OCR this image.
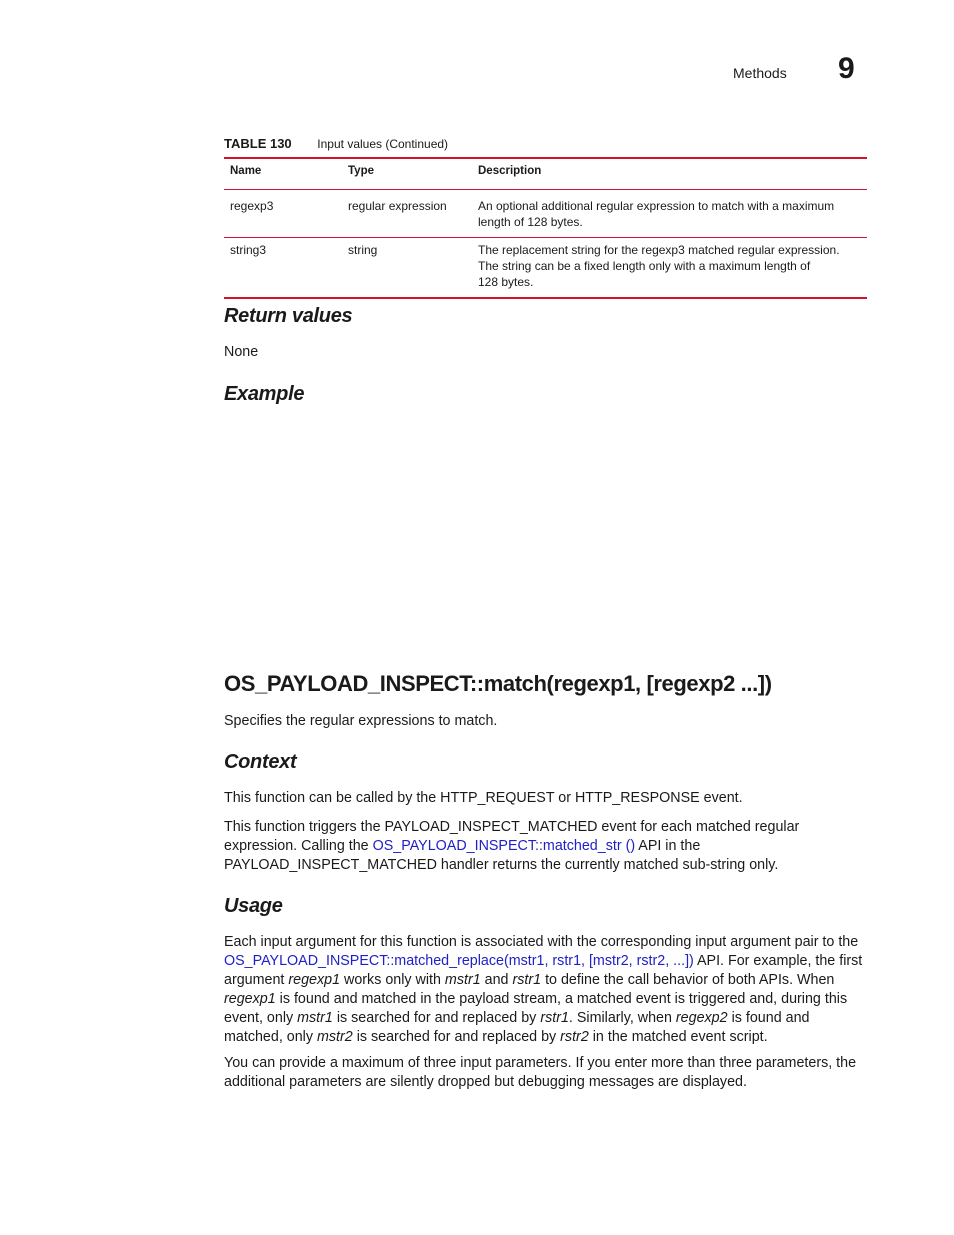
Methods 9
TABLE 130 Input values (Continued)
Name	Type	Description
regexp3	regular expression	An optional additional regular expression to match with a maximum
length of 128 bytes.

string3	string	The replacement string for the regexp3 matched regular expression.
The string can be a fixed length only with a maximum length of
128 bytes.
Return values
None
Example
OS_PAYLOAD_INSPECT::match(regexp1, [regexp2 ...])
Specifies the regular expressions to match.
Context
This function can be called by the HTTP_REQUEST or HTTP_RESPONSE event.
This function triggers the PAYLOAD_INSPECT_MATCHED event for each matched regular expression. Calling the OS_PAYLOAD_INSPECT::matched_str () API in the PAYLOAD_INSPECT_MATCHED handler returns the currently matched sub-string only.
Usage
Each input argument for this function is associated with the corresponding input argument pair to the OS_PAYLOAD_INSPECT::matched_replace(mstr1, rstr1, [mstr2, rstr2, ...]) API. For example, the first argument regexp1 works only with mstr1 and rstr1 to define the call behavior of both APIs. When regexp1 is found and matched in the payload stream, a matched event is triggered and, during this event, only mstr1 is searched for and replaced by rstr1. Similarly, when regexp2 is found and matched, only mstr2 is searched for and replaced by rstr2 in the matched event script.
You can provide a maximum of three input parameters. If you enter more than three parameters, the additional parameters are silently dropped but debugging messages are displayed.
